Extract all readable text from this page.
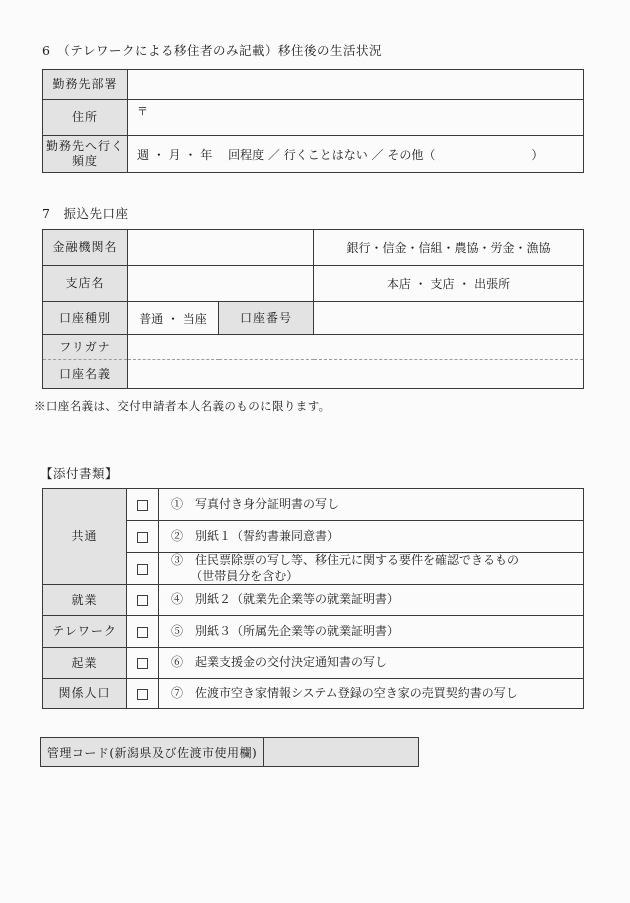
6　（テレワークによる移住者のみ記載）移住後の生活状況
勤務先部署	
住所	〒

勤務先へ行く
頻度	週 ・ 月 ・ 年　 回程度 ／ 行くことはない ／ その他（　　　　　　　　）
7　振込先口座
金融機関名			銀行・信金・信組・農協・労金・漁協
支店名			本店 ・ 支店 ・ 出張所
口座種別	普通 ・ 当座	口座番号	
フリガナ			
口座名義			
※口座名義は、交付申請者本人名義のものに限ります。
【添付書類】
共通		①　写真付き身分証明書の写し
		②　別紙１（誓約書兼同意書）

		③　住民票除票の写し等、移住元に関する要件を確認できるもの
（世帯員分を含む）

就業		④　別紙２（就業先企業等の就業証明書）
テレワーク		⑤　別紙３（所属先企業等の就業証明書）
起業		⑥　起業支援金の交付決定通知書の写し
関係人口		⑦　佐渡市空き家情報システム登録の空き家の売買契約書の写し
管理コード(新潟県及び佐渡市使用欄)	
